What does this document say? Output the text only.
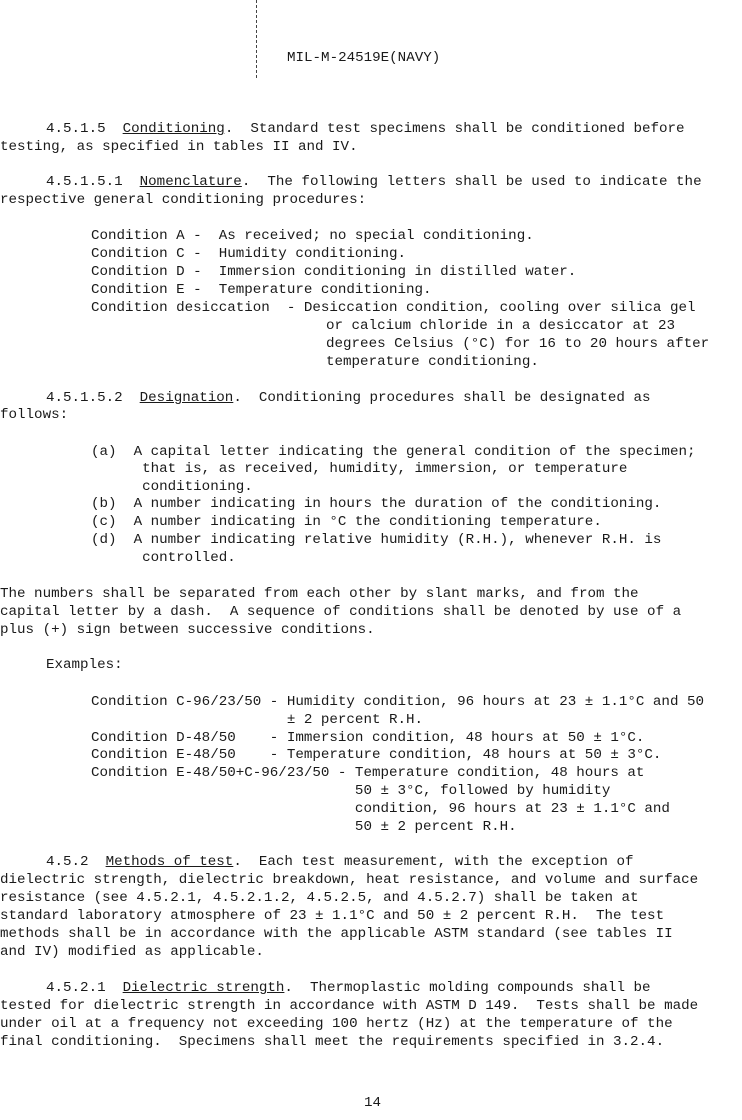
MIL-M-24519E(NAVY)
4.5.1.5 Conditioning.  Standard test specimens shall be conditioned before
testing, as specified in tables II and IV.
4.5.1.5.1 Nomenclature.  The following letters shall be used to indicate the
respective general conditioning procedures:
Condition A -  As received; no special conditioning.
Condition C -  Humidity conditioning.
Condition D -  Immersion conditioning in distilled water.
Condition E -  Temperature conditioning.
Condition desiccation  - Desiccation condition, cooling over silica gel
or calcium chloride in a desiccator at 23
degrees Celsius (°C) for 16 to 20 hours after
temperature conditioning.
4.5.1.5.2 Designation.  Conditioning procedures shall be designated as
follows:
(a)  A capital letter indicating the general condition of the specimen;
that is, as received, humidity, immersion, or temperature
conditioning.
(b)  A number indicating in hours the duration of the conditioning.
(c)  A number indicating in °C the conditioning temperature.
(d)  A number indicating relative humidity (R.H.), whenever R.H. is
controlled.
The numbers shall be separated from each other by slant marks, and from the
capital letter by a dash.  A sequence of conditions shall be denoted by use of a
plus (+) sign between successive conditions.
Examples:
Condition C-96/23/50 - Humidity condition, 96 hours at 23 ± 1.1°C and 50
± 2 percent R.H.
Condition D-48/50    - Immersion condition, 48 hours at 50 ± 1°C.
Condition E-48/50    - Temperature condition, 48 hours at 50 ± 3°C.
Condition E-48/50+C-96/23/50 - Temperature condition, 48 hours at
50 ± 3°C, followed by humidity
condition, 96 hours at 23 ± 1.1°C and
50 ± 2 percent R.H.
4.5.2 Methods of test.  Each test measurement, with the exception of
dielectric strength, dielectric breakdown, heat resistance, and volume and surface
resistance (see 4.5.2.1, 4.5.2.1.2, 4.5.2.5, and 4.5.2.7) shall be taken at
standard laboratory atmosphere of 23 ± 1.1°C and 50 ± 2 percent R.H.  The test
methods shall be in accordance with the applicable ASTM standard (see tables II
and IV) modified as applicable.
4.5.2.1 Dielectric strength.  Thermoplastic molding compounds shall be
tested for dielectric strength in accordance with ASTM D 149.  Tests shall be made
under oil at a frequency not exceeding 100 hertz (Hz) at the temperature of the
final conditioning.  Specimens shall meet the requirements specified in 3.2.4.
14
